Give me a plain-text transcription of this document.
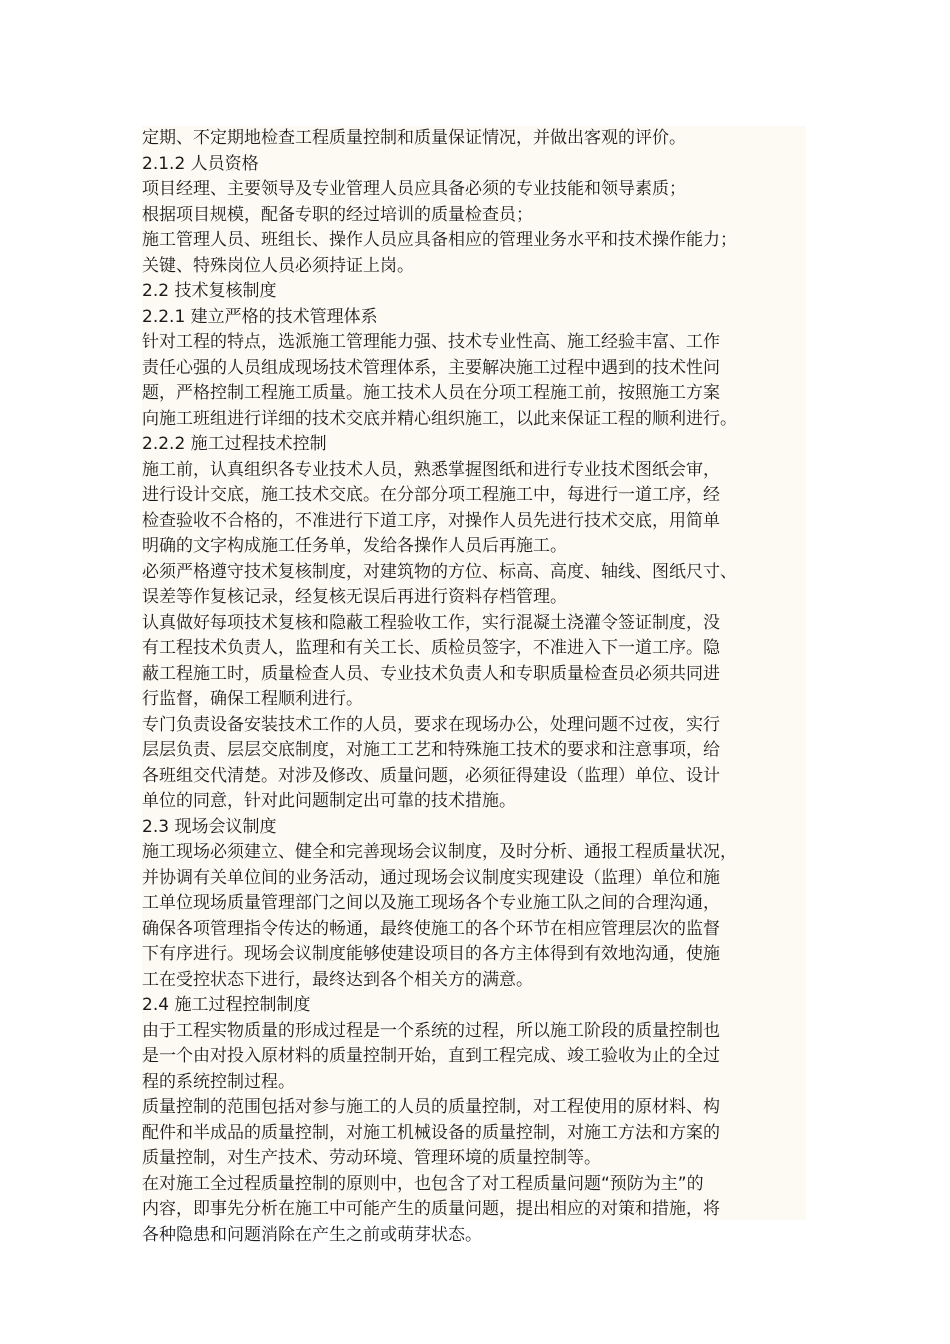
定期、不定期地检查工程质量控制和质量保证情况，并做出客观的评价。
2.1.2 人员资格
项目经理、主要领导及专业管理人员应具备必须的专业技能和领导素质；
根据项目规模，配备专职的经过培训的质量检查员；
施工管理人员、班组长、操作人员应具备相应的管理业务水平和技术操作能力；
关键、特殊岗位人员必须持证上岗。
2.2 技术复核制度
2.2.1 建立严格的技术管理体系
针对工程的特点，选派施工管理能力强、技术专业性高、施工经验丰富、工作
责任心强的人员组成现场技术管理体系，主要解决施工过程中遇到的技术性问
题，严格控制工程施工质量。施工技术人员在分项工程施工前，按照施工方案
向施工班组进行详细的技术交底并精心组织施工，以此来保证工程的顺利进行。
2.2.2 施工过程技术控制
施工前，认真组织各专业技术人员，熟悉掌握图纸和进行专业技术图纸会审，
进行设计交底，施工技术交底。在分部分项工程施工中，每进行一道工序，经
检查验收不合格的，不准进行下道工序，对操作人员先进行技术交底，用简单
明确的文字构成施工任务单，发给各操作人员后再施工。
必须严格遵守技术复核制度，对建筑物的方位、标高、高度、轴线、图纸尺寸、
误差等作复核记录，经复核无误后再进行资料存档管理。
认真做好每项技术复核和隐蔽工程验收工作，实行混凝土浇灌令签证制度，没
有工程技术负责人，监理和有关工长、质检员签字，不准进入下一道工序。隐
蔽工程施工时，质量检查人员、专业技术负责人和专职质量检查员必须共同进
行监督，确保工程顺利进行。
专门负责设备安装技术工作的人员，要求在现场办公，处理问题不过夜，实行
层层负责、层层交底制度，对施工工艺和特殊施工技术的要求和注意事项，给
各班组交代清楚。对涉及修改、质量问题，必须征得建设（监理）单位、设计
单位的同意，针对此问题制定出可靠的技术措施。
2.3 现场会议制度
施工现场必须建立、健全和完善现场会议制度，及时分析、通报工程质量状况，
并协调有关单位间的业务活动，通过现场会议制度实现建设（监理）单位和施
工单位现场质量管理部门之间以及施工现场各个专业施工队之间的合理沟通，
确保各项管理指令传达的畅通，最终使施工的各个环节在相应管理层次的监督
下有序进行。现场会议制度能够使建设项目的各方主体得到有效地沟通，使施
工在受控状态下进行，最终达到各个相关方的满意。
2.4 施工过程控制制度
由于工程实物质量的形成过程是一个系统的过程，所以施工阶段的质量控制也
是一个由对投入原材料的质量控制开始，直到工程完成、竣工验收为止的全过
程的系统控制过程。
质量控制的范围包括对参与施工的人员的质量控制，对工程使用的原材料、构
配件和半成品的质量控制，对施工机械设备的质量控制，对施工方法和方案的
质量控制，对生产技术、劳动环境、管理环境的质量控制等。
在对施工全过程质量控制的原则中，也包含了对工程质量问题“预防为主”的
内容，即事先分析在施工中可能产生的质量问题，提出相应的对策和措施，将
各种隐患和问题消除在产生之前或萌芽状态。
